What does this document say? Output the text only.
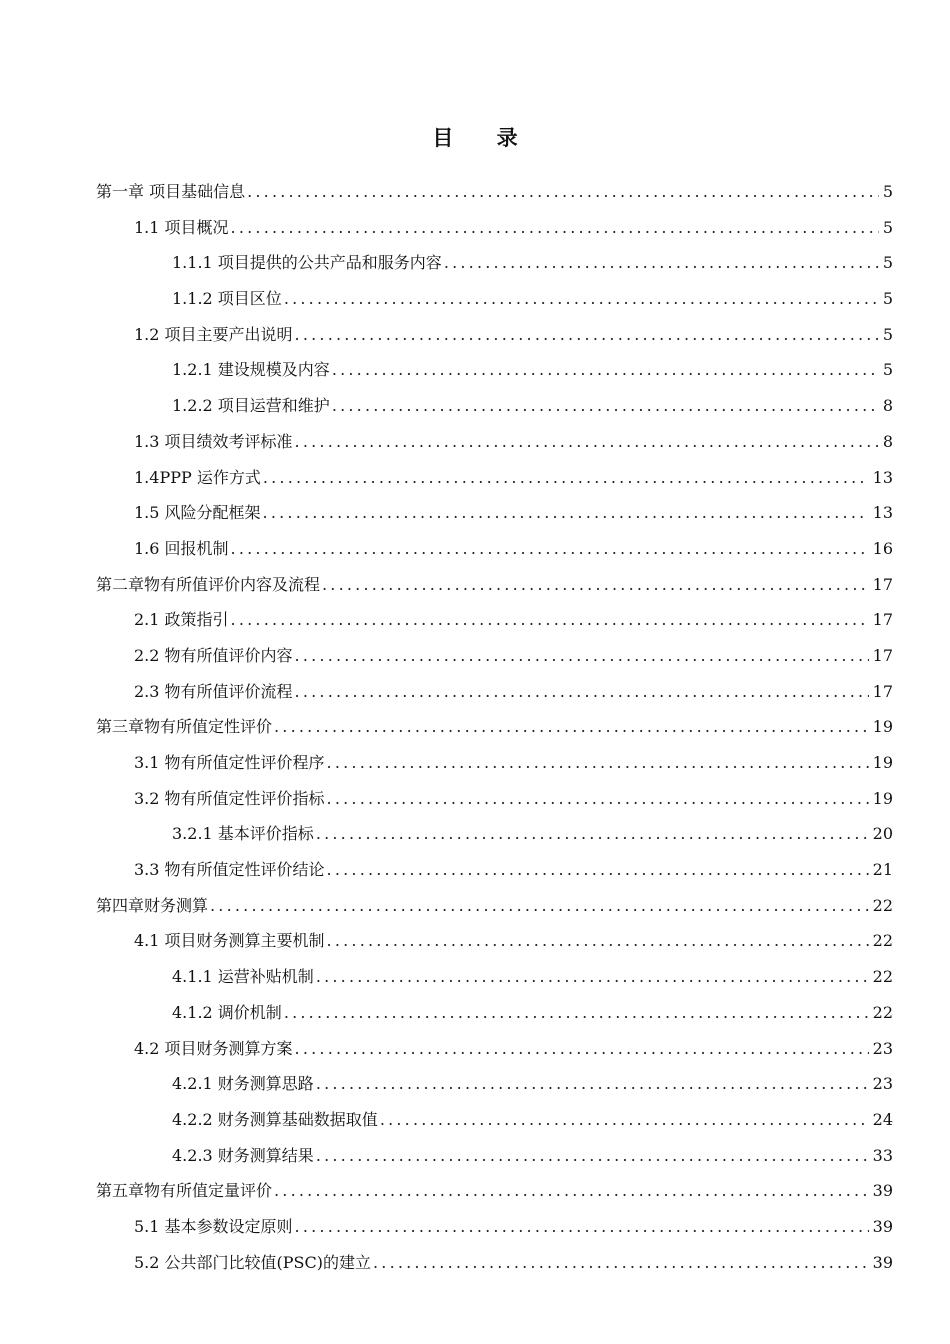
目 录
第一章 项目基础信息 .....	5
1.1 项目概况 .....	5
1.1.1 项目提供的公共产品和服务内容 .....	5
1.1.2 项目区位 .....	5
1.2 项目主要产出说明 .....	5
1.2.1 建设规模及内容 .....	5
1.2.2 项目运营和维护 .....	8
1.3 项目绩效考评标准 .....	8
1.4PPP 运作方式 .....	13
1.5 风险分配框架 .....	13
1.6 回报机制 .....	16
第二章物有所值评价内容及流程 .....	17
2.1 政策指引 .....	17
2.2 物有所值评价内容 .....	17
2.3 物有所值评价流程 .....	17
第三章物有所值定性评价 .....	19
3.1 物有所值定性评价程序 .....	19
3.2 物有所值定性评价指标 .....	19
3.2.1 基本评价指标 .....	20
3.3 物有所值定性评价结论 .....	21
第四章财务测算 .....	22
4.1 项目财务测算主要机制 .....	22
4.1.1 运营补贴机制 .....	22
4.1.2 调价机制 .....	22
4.2 项目财务测算方案 .....	23
4.2.1 财务测算思路 .....	23
4.2.2 财务测算基础数据取值 .....	24
4.2.3 财务测算结果 .....	33
第五章物有所值定量评价 .....	39
5.1 基本参数设定原则 .....	39
5.2 公共部门比较值(PSC)的建立 .....	39
